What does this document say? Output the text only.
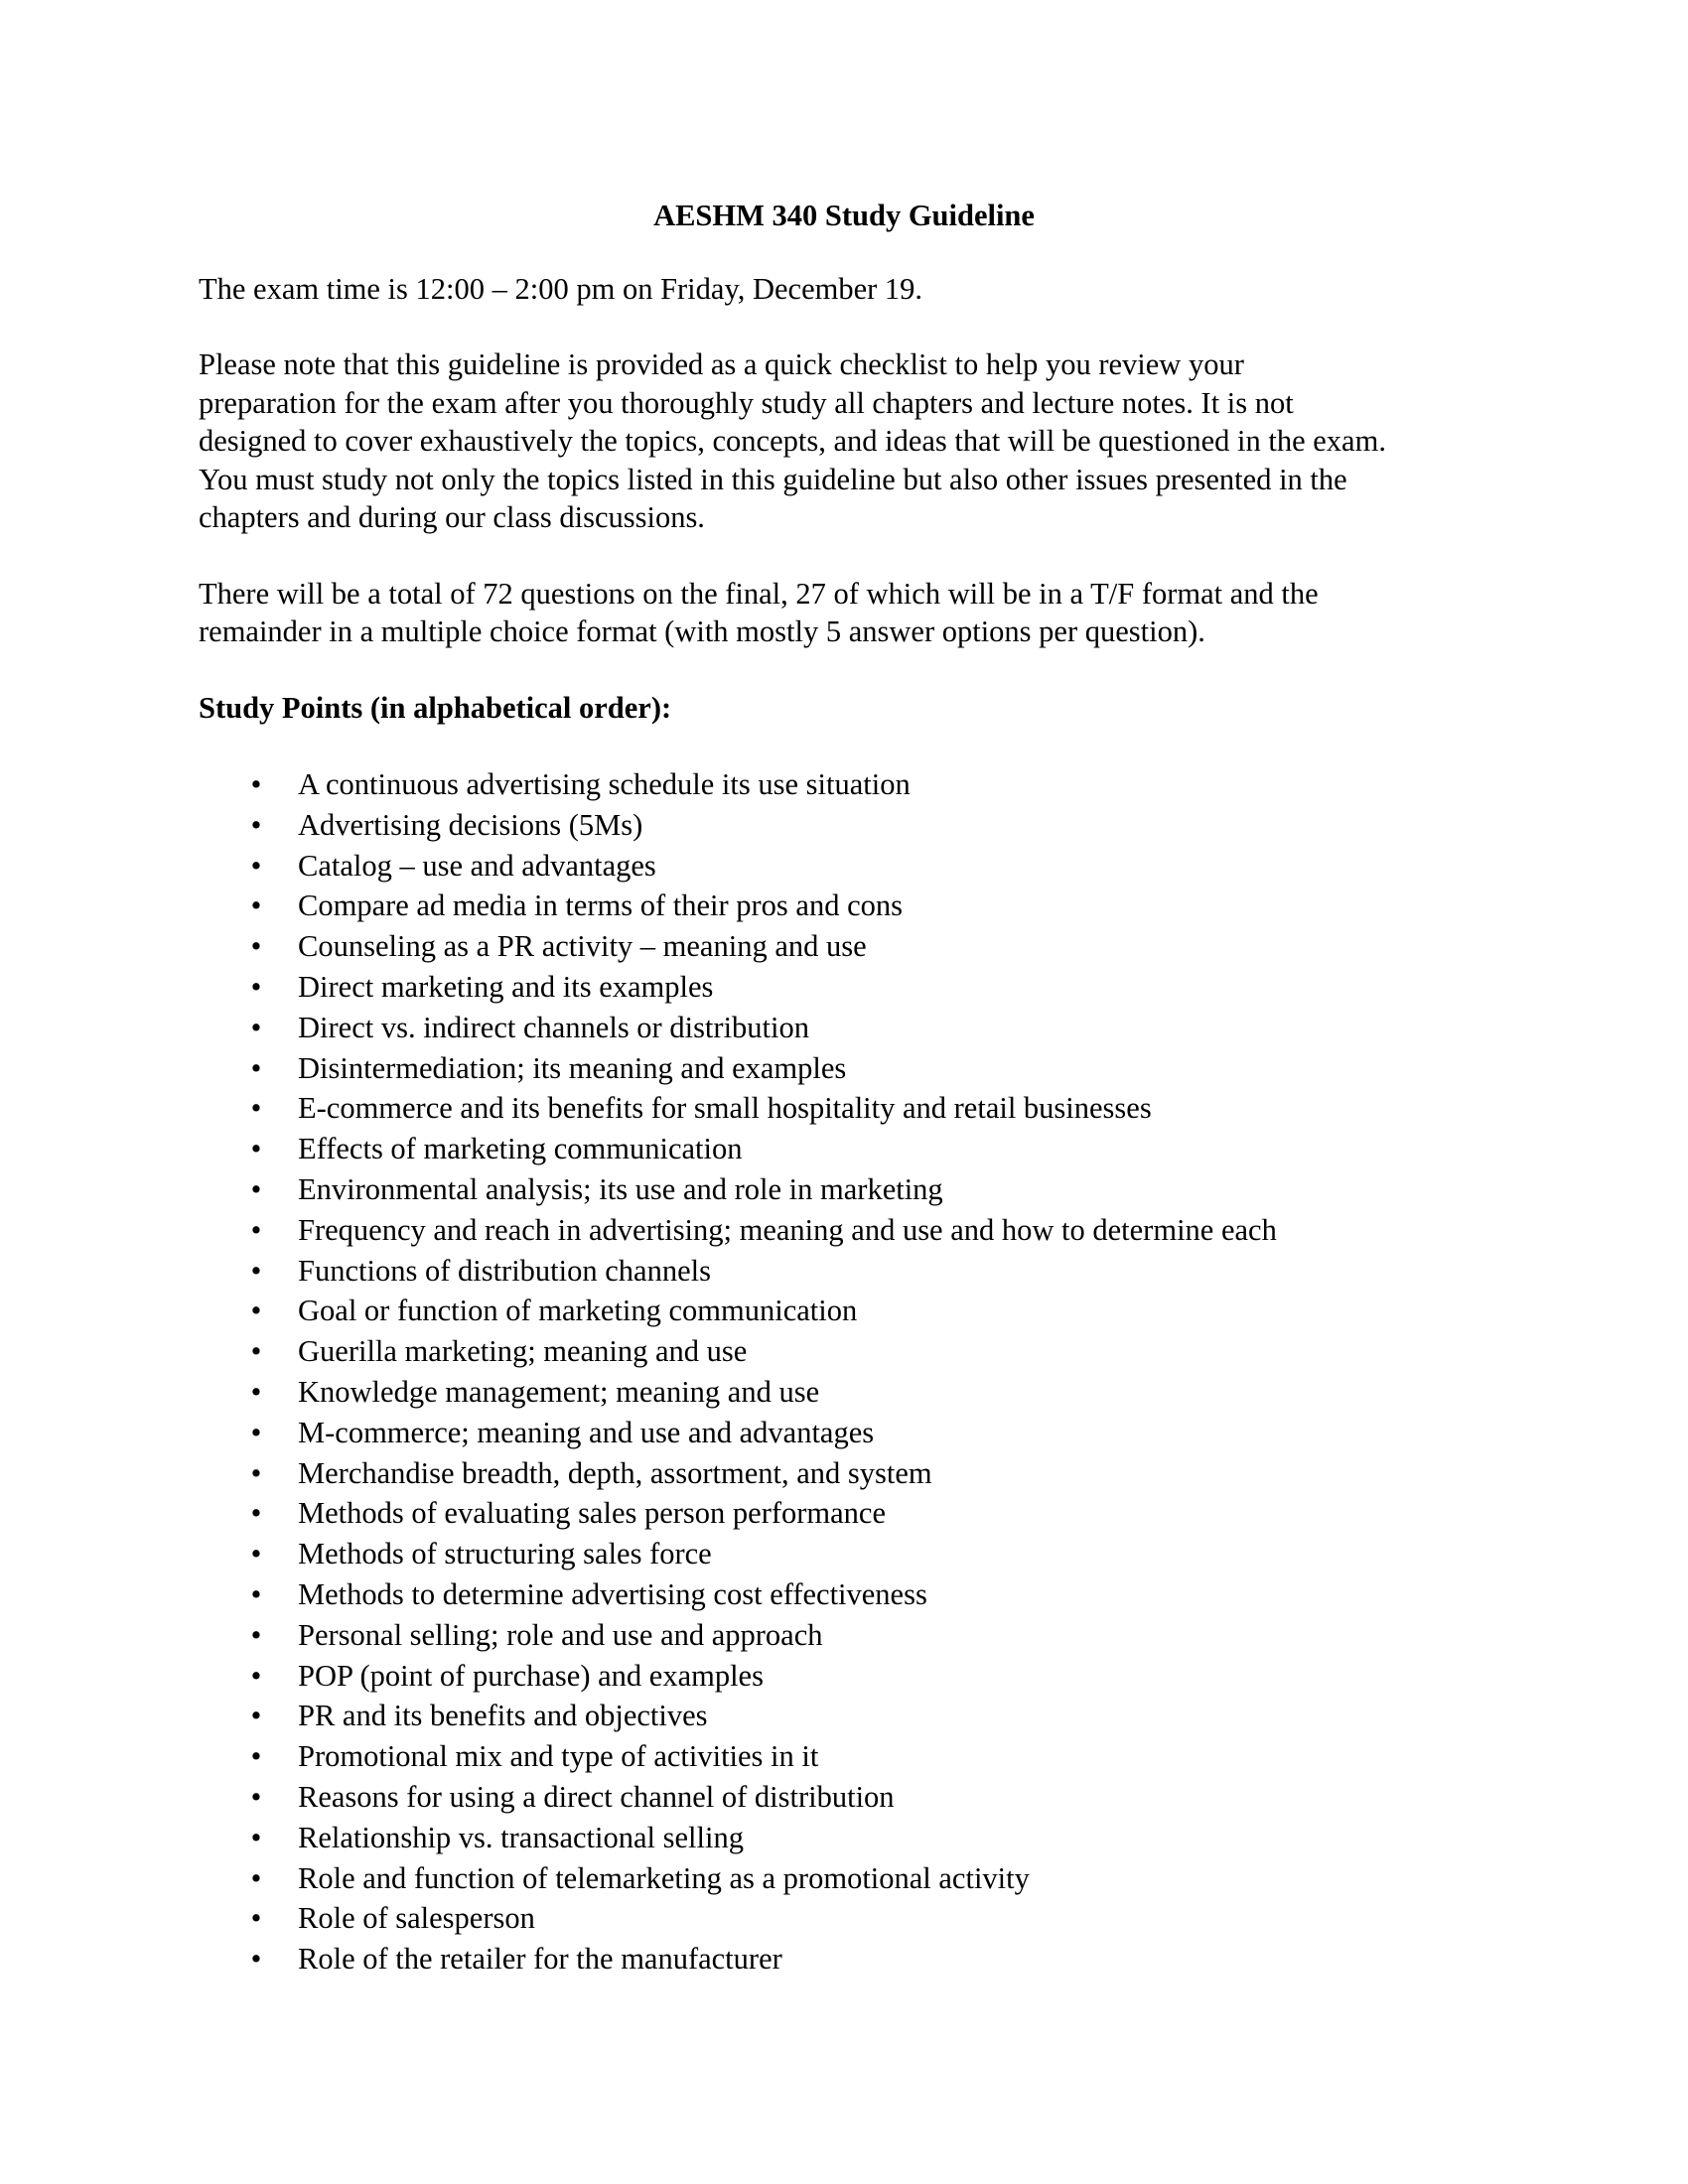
AESHM 340 Study Guideline

The exam time is 12:00 – 2:00 pm on Friday, December 19.

Please note that this guideline is provided as a quick checklist to help you review your
preparation for the exam after you thoroughly study all chapters and lecture notes. It is not
designed to cover exhaustively the topics, concepts, and ideas that will be questioned in the exam.
You must study not only the topics listed in this guideline but also other issues presented in the
chapters and during our class discussions.

There will be a total of 72 questions on the final, 27 of which will be in a T/F format and the
remainder in a multiple choice format (with mostly 5 answer options per question).

Study Points (in alphabetical order):

• A continuous advertising schedule its use situation
• Advertising decisions (5Ms)
• Catalog – use and advantages
• Compare ad media in terms of their pros and cons
• Counseling as a PR activity – meaning and use
• Direct marketing and its examples
• Direct vs. indirect channels or distribution
• Disintermediation; its meaning and examples
• E-commerce and its benefits for small hospitality and retail businesses
• Effects of marketing communication
• Environmental analysis; its use and role in marketing
• Frequency and reach in advertising; meaning and use and how to determine each
• Functions of distribution channels
• Goal or function of marketing communication
• Guerilla marketing; meaning and use
• Knowledge management; meaning and use
• M-commerce; meaning and use and advantages
• Merchandise breadth, depth, assortment, and system
• Methods of evaluating sales person performance
• Methods of structuring sales force
• Methods to determine advertising cost effectiveness
• Personal selling; role and use and approach
• POP (point of purchase) and examples
• PR and its benefits and objectives
• Promotional mix and type of activities in it
• Reasons for using a direct channel of distribution
• Relationship vs. transactional selling
• Role and function of telemarketing as a promotional activity
• Role of salesperson
• Role of the retailer for the manufacturer
